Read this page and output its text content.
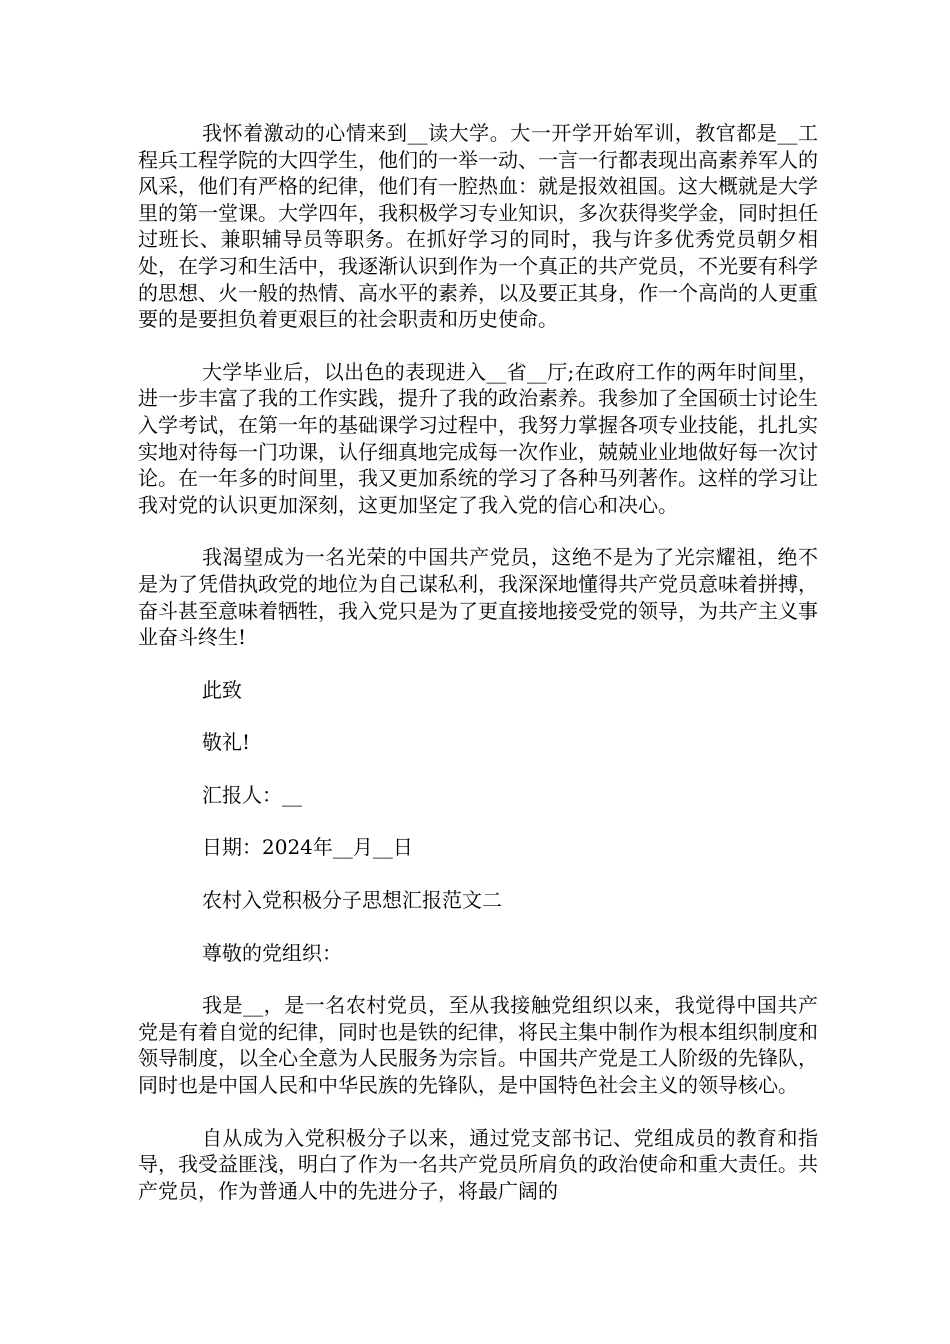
我怀着激动的心情来到__读大学。大一开学开始军训，教官都是__工程兵工程学院的大四学生，他们的一举一动、一言一行都表现出高素养军人的风采，他们有严格的纪律，他们有一腔热血：就是报效祖国。这大概就是大学里的第一堂课。大学四年，我积极学习专业知识，多次获得奖学金，同时担任过班长、兼职辅导员等职务。在抓好学习的同时，我与许多优秀党员朝夕相处，在学习和生活中，我逐渐认识到作为一个真正的共产党员，不光要有科学的思想、火一般的热情、高水平的素养，以及要正其身，作一个高尚的人更重要的是要担负着更艰巨的社会职责和历史使命。

大学毕业后，以出色的表现进入__省__厅;在政府工作的两年时间里，进一步丰富了我的工作实践，提升了我的政治素养。我参加了全国硕士讨论生入学考试，在第一年的基础课学习过程中，我努力掌握各项专业技能，扎扎实实地对待每一门功课，认仔细真地完成每一次作业，兢兢业业地做好每一次讨论。在一年多的时间里，我又更加系统的学习了各种马列著作。这样的学习让我对党的认识更加深刻，这更加坚定了我入党的信心和决心。

我渴望成为一名光荣的中国共产党员，这绝不是为了光宗耀祖，绝不是为了凭借执政党的地位为自己谋私利，我深深地懂得共产党员意味着拼搏，奋斗甚至意味着牺牲，我入党只是为了更直接地接受党的领导，为共产主义事业奋斗终生!

此致

敬礼!

汇报人：__

日期：2024年__月__日

农村入党积极分子思想汇报范文二

尊敬的党组织：

我是__，是一名农村党员，至从我接触党组织以来，我觉得中国共产党是有着自觉的纪律，同时也是铁的纪律，将民主集中制作为根本组织制度和领导制度，以全心全意为人民服务为宗旨。中国共产党是工人阶级的先锋队，同时也是中国人民和中华民族的先锋队，是中国特色社会主义的领导核心。

自从成为入党积极分子以来，通过党支部书记、党组成员的教育和指导，我受益匪浅，明白了作为一名共产党员所肩负的政治使命和重大责任。共产党员，作为普通人中的先进分子，将最广阔的
